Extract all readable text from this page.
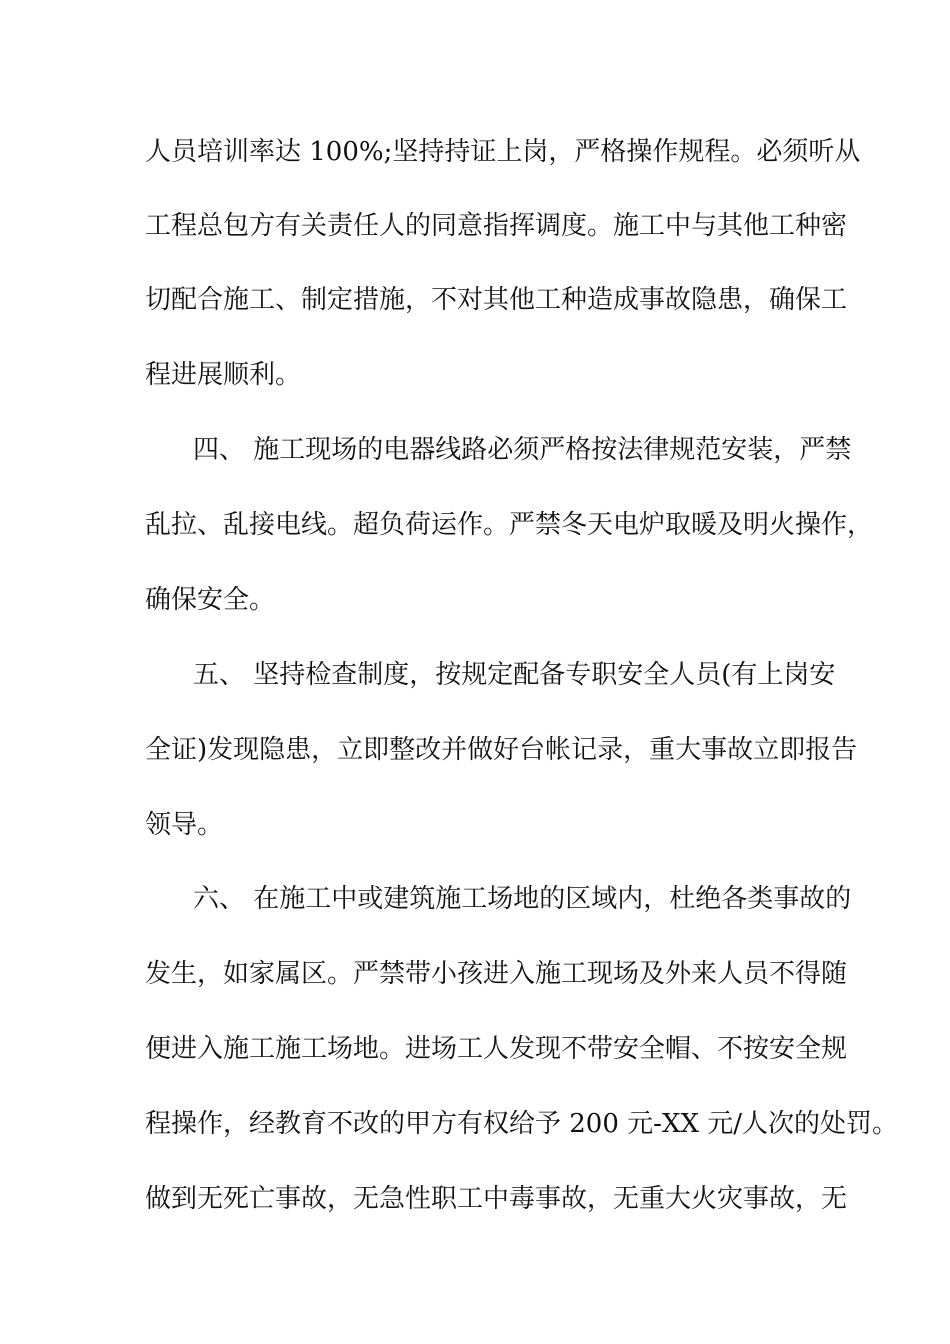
人员培训率达 100%;坚持持证上岗，严格操作规程。必须听从

工程总包方有关责任人的同意指挥调度。施工中与其他工种密

切配合施工、制定措施，不对其他工种造成事故隐患，确保工

程进展顺利。

四、 施工现场的电器线路必须严格按法律规范安装，严禁

乱拉、乱接电线。超负荷运作。严禁冬天电炉取暖及明火操作，

确保安全。

五、 坚持检查制度，按规定配备专职安全人员(有上岗安

全证)发现隐患，立即整改并做好台帐记录，重大事故立即报告

领导。

六、 在施工中或建筑施工场地的区域内，杜绝各类事故的

发生，如家属区。严禁带小孩进入施工现场及外来人员不得随

便进入施工施工场地。进场工人发现不带安全帽、不按安全规

程操作，经教育不改的甲方有权给予 200 元-XX 元/人次的处罚。

做到无死亡事故，无急性职工中毒事故，无重大火灾事故，无
